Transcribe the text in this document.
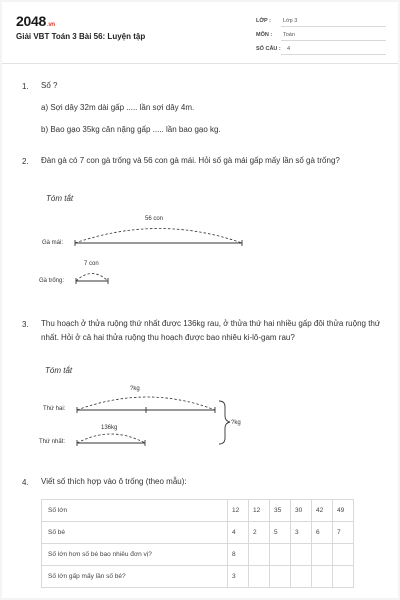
2048.vn
Giải VBT Toán 3 Bài 56: Luyện tập
LỚP : Lớp 3
MÔN : Toán
SỐ CÂU : 4
1. Số ?
a) Sợi dây 32m dài gấp ..... lần sợi dây 4m.
b) Bao gạo 35kg cân nặng gấp ..... lần bao gạo kg.
2. Đàn gà có 7 con gà trống và 56 con gà mái. Hỏi số gà mái gấp mấy lần số gà trống?
Tóm tắt
56 con
Gà mái:
7 con
Gà trống:
3. Thu hoạch ở thửa ruộng thứ nhất được 136kg rau, ở thửa thứ hai nhiều gấp đôi thửa ruộng thứ nhất. Hỏi ở cả hai thửa ruộng thu hoạch được bao nhiêu ki-lô-gam rau?
Tóm tắt
?kg
Thứ hai:
136kg
Thứ nhất:
?kg
4. Viết số thích hợp vào ô trống (theo mẫu):
Số lớn	12	12	35	30	42	49
Số bé	4	2	5	3	6	7
Số lớn hơn số bé bao nhiêu đơn vị?	8					
Số lớn gấp mấy lần số bé?	3					
